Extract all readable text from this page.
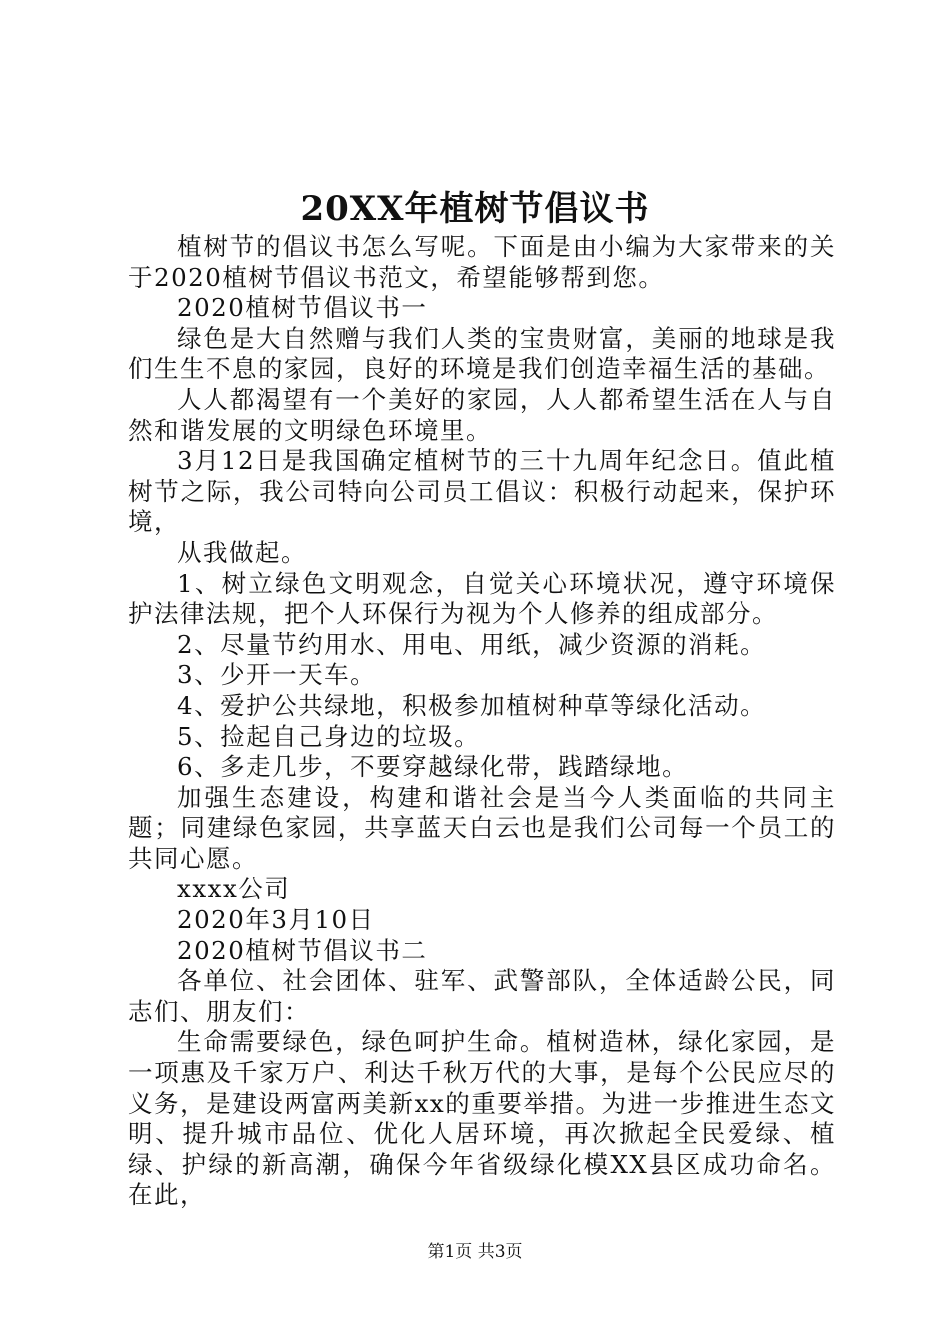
20XX年植树节倡议书

植树节的倡议书怎么写呢。下面是由小编为大家带来的关于2020植树节倡议书范文，希望能够帮到您。

2020植树节倡议书一

绿色是大自然赠与我们人类的宝贵财富，美丽的地球是我们生生不息的家园，良好的环境是我们创造幸福生活的基础。

人人都渴望有一个美好的家园，人人都希望生活在人与自然和谐发展的文明绿色环境里。

3月12日是我国确定植树节的三十九周年纪念日。值此植树节之际，我公司特向公司员工倡议：积极行动起来，保护环境，

从我做起。

1、树立绿色文明观念，自觉关心环境状况，遵守环境保护法律法规，把个人环保行为视为个人修养的组成部分。

2、尽量节约用水、用电、用纸，减少资源的消耗。

3、少开一天车。

4、爱护公共绿地，积极参加植树种草等绿化活动。

5、捡起自己身边的垃圾。

6、多走几步，不要穿越绿化带，践踏绿地。

加强生态建设，构建和谐社会是当今人类面临的共同主题；同建绿色家园，共享蓝天白云也是我们公司每一个员工的共同心愿。

xxxx公司

2020年3月10日

2020植树节倡议书二

各单位、社会团体、驻军、武警部队，全体适龄公民，同志们、朋友们：

生命需要绿色，绿色呵护生命。植树造林，绿化家园，是一项惠及千家万户、利达千秋万代的大事，是每个公民应尽的义务，是建设两富两美新xx的重要举措。为进一步推进生态文明、提升城市品位、优化人居环境，再次掀起全民爱绿、植绿、护绿的新高潮，确保今年省级绿化模XX县区成功命名。在此，

第1页 共3页
